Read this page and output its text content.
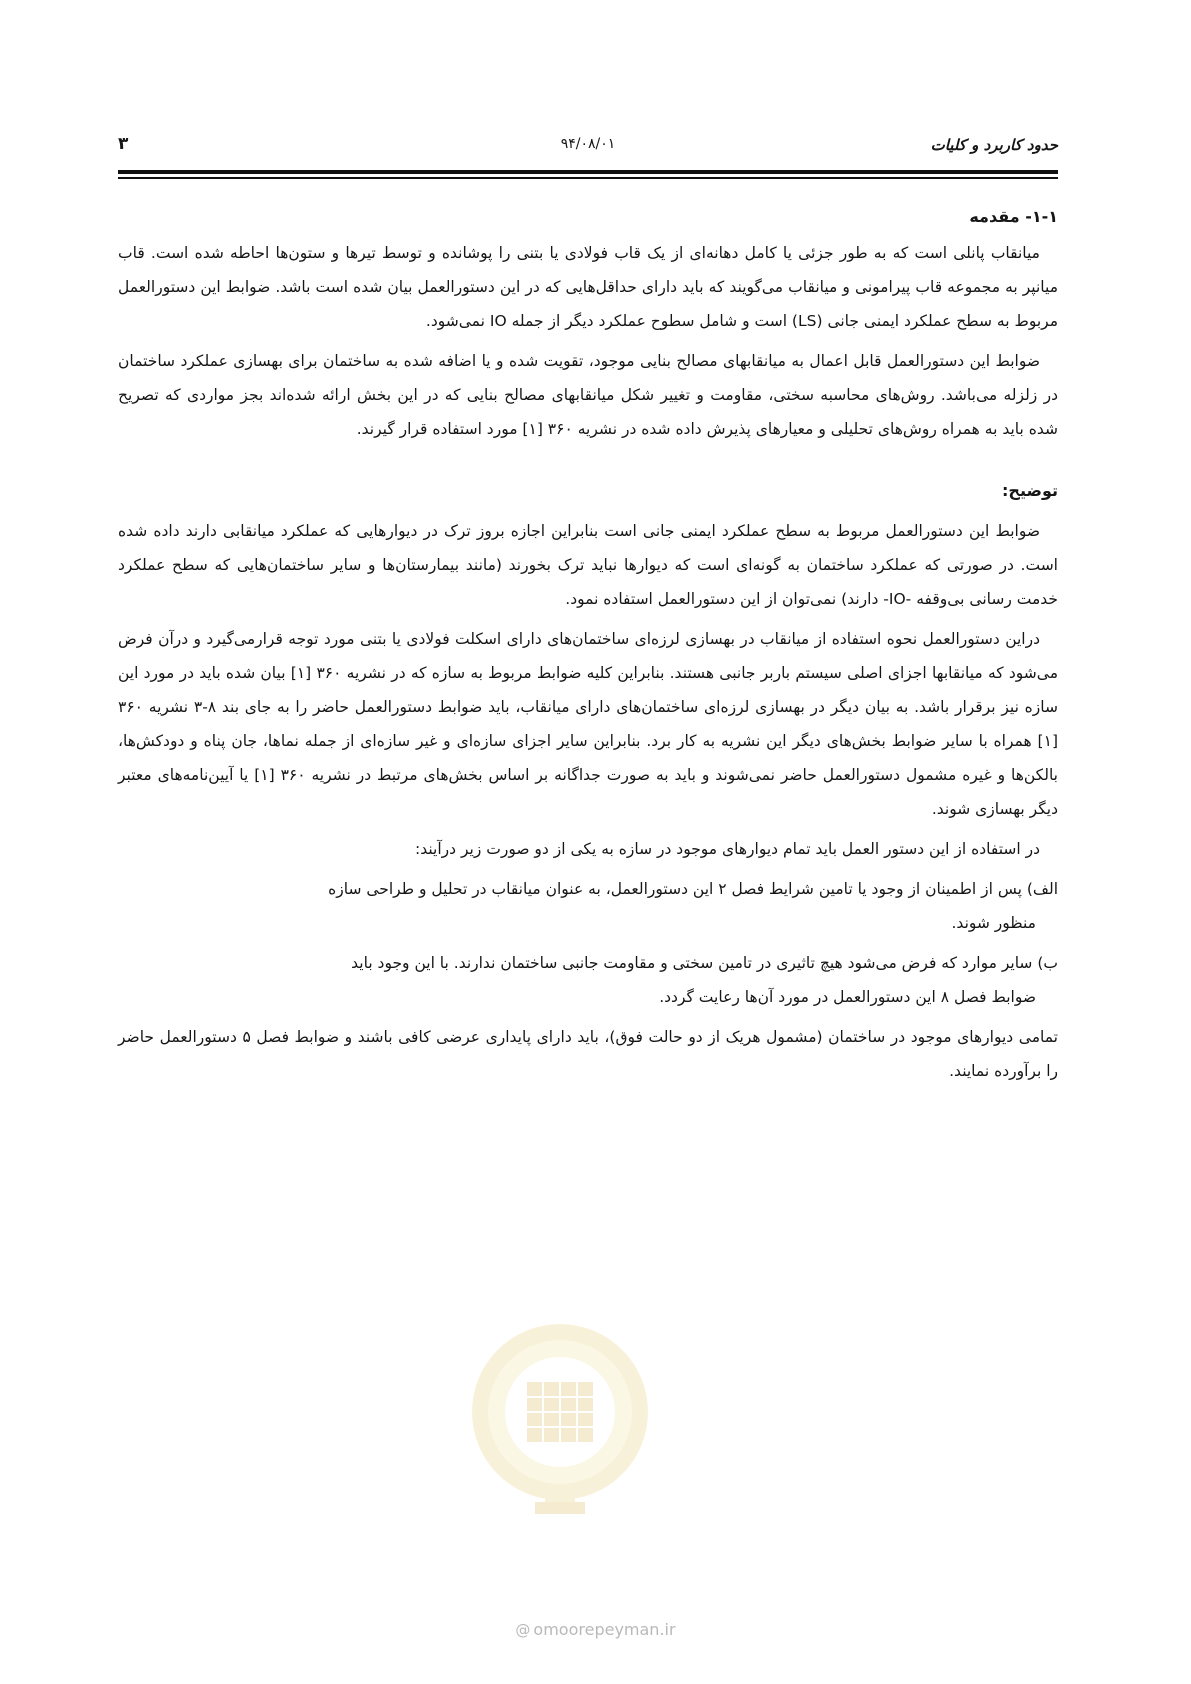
حدود کاربرد و کلیات
۹۴/۰۸/۰۱
۳
۱-۱- مقدمه

میانقاب پانلی است که به طور جزئی یا کامل دهانه‌ای از یک قاب فولادی یا بتنی را پوشانده و توسط تیرها و ستون‌ها احاطه شده است. قاب میانپر به مجموعه قاب پیرامونی و میانقاب می‌گویند که باید دارای حداقل‌هایی که در این دستورالعمل بیان شده است باشد. ضوابط این دستورالعمل مربوط به سطح عملکرد ایمنی جانی (LS) است و شامل سطوح عملکرد دیگر از جمله IO نمی‌شود.

ضوابط این دستورالعمل قابل اعمال به میانقابهای مصالح بنایی موجود، تقویت شده و یا اضافه شده به ساختمان برای بهسازی عملکرد ساختمان در زلزله می‌باشد. روش‌های محاسبه سختی، مقاومت و تغییر شکل میانقابهای مصالح بنایی که در این بخش ارائه شده‌اند بجز مواردی که تصریح شده باید به همراه روش‌های تحلیلی و معیارهای پذیرش داده شده در نشریه ۳۶۰ [۱] مورد استفاده قرار گیرند.

توضیح:

ضوابط این دستورالعمل مربوط به سطح عملکرد ایمنی جانی است بنابراین اجازه بروز ترک در دیوارهایی که عملکرد میانقابی دارند داده شده است. در صورتی که عملکرد ساختمان به گونه‌ای است که دیوارها نباید ترک بخورند (مانند بیمارستان‌ها و سایر ساختمان‌هایی که سطح عملکرد خدمت رسانی بی‌وقفه -IO- دارند) نمی‌توان از این دستورالعمل استفاده نمود.

دراین دستورالعمل نحوه استفاده از میانقاب در بهسازی لرزه‌ای ساختمان‌های دارای اسکلت فولادی یا بتنی مورد توجه قرارمی‌گیرد و درآن فرض می‌شود که میانقابها اجزای اصلی سیستم باربر جانبی هستند. بنابراین کلیه ضوابط مربوط به سازه که در نشریه ۳۶۰ [۱] بیان شده باید در مورد این سازه نیز برقرار باشد. به بیان دیگر در بهسازی لرزه‌ای ساختمان‌های دارای میانقاب، باید ضوابط دستورالعمل حاضر را به جای بند ۸-۳ نشریه ۳۶۰ [۱] همراه با سایر ضوابط بخش‌های دیگر این نشریه به کار برد. بنابراین سایر اجزای سازه‌ای و غیر سازه‌ای از جمله نماها، جان پناه و دودکش‌ها، بالکن‌ها و غیره مشمول دستورالعمل حاضر نمی‌شوند و باید به صورت جداگانه بر اساس بخش‌های مرتبط در نشریه ۳۶۰ [۱] یا آیین‌نامه‌های معتبر دیگر بهسازی شوند.

در استفاده از این دستور العمل باید تمام دیوارهای موجود در سازه به یکی از دو صورت زیر درآیند:

الف) پس از اطمینان از وجود یا تامین شرایط فصل ۲ این دستورالعمل، به عنوان میانقاب در تحلیل و طراحی سازه

منظور شوند.

ب) سایر موارد که فرض می‌شود هیچ تاثیری در تامین سختی و مقاومت جانبی ساختمان ندارند. با این وجود باید

ضوابط فصل ۸ این دستورالعمل در مورد آن‌ها رعایت گردد.

تمامی دیوارهای موجود در ساختمان (مشمول هریک از دو حالت فوق)، باید دارای پایداری عرضی کافی باشند و ضوابط فصل ۵ دستورالعمل حاضر را برآورده نمایند.

@ omoorepeyman.ir
